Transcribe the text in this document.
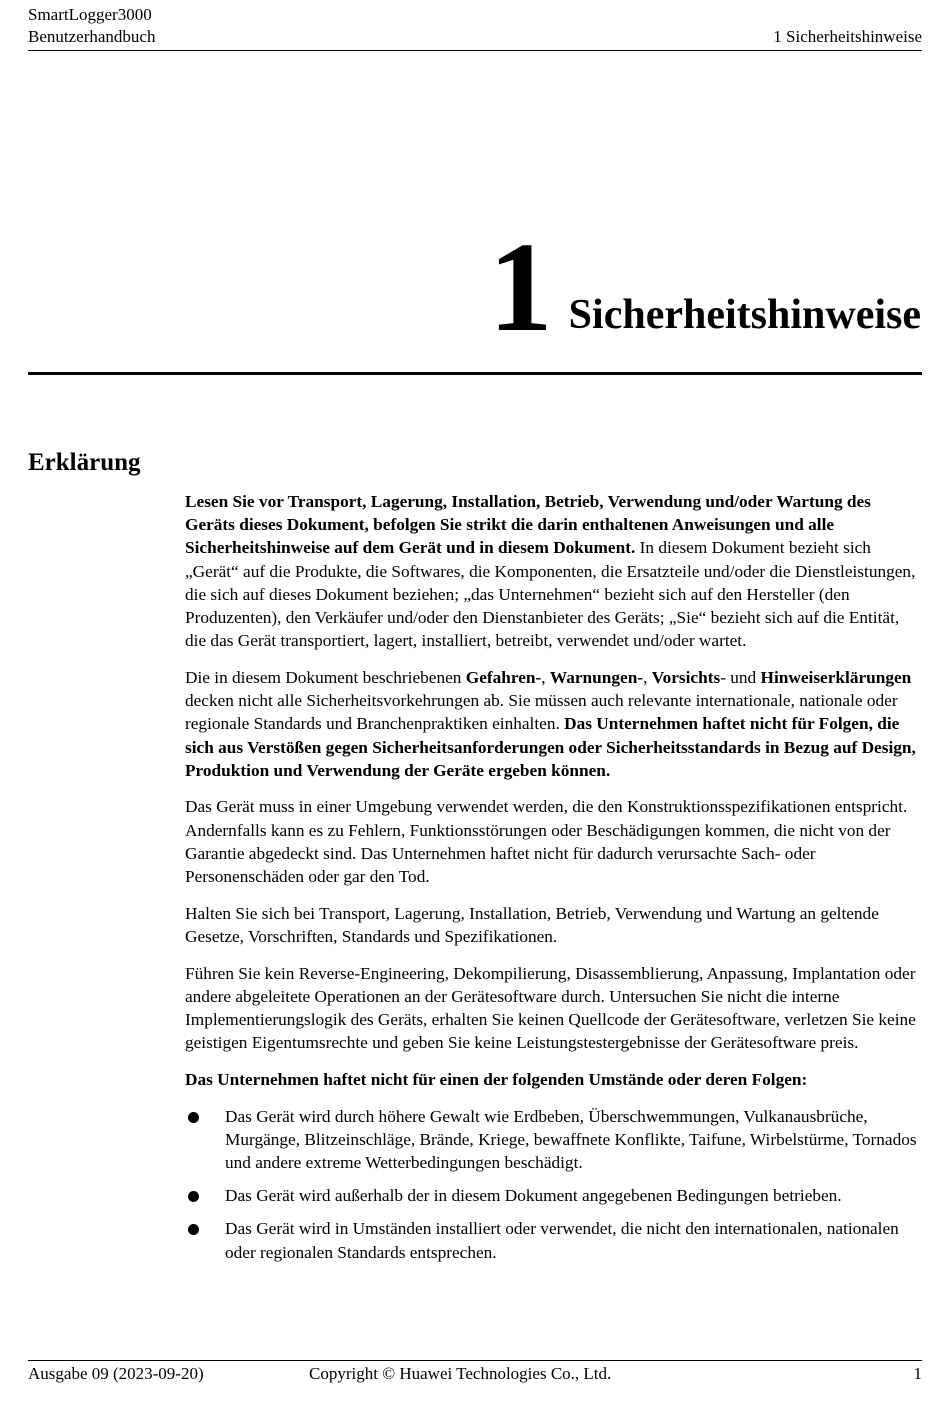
SmartLogger3000
Benutzerhandbuch	1 Sicherheitshinweise
1 Sicherheitshinweise
Erklärung

Lesen Sie vor Transport, Lagerung, Installation, Betrieb, Verwendung und/oder Wartung des Geräts dieses Dokument, befolgen Sie strikt die darin enthaltenen Anweisungen und alle Sicherheitshinweise auf dem Gerät und in diesem Dokument. In diesem Dokument bezieht sich „Gerät“ auf die Produkte, die Softwares, die Komponenten, die Ersatzteile und/oder die Dienstleistungen, die sich auf dieses Dokument beziehen; „das Unternehmen“ bezieht sich auf den Hersteller (den Produzenten), den Verkäufer und/oder den Dienstanbieter des Geräts; „Sie“ bezieht sich auf die Entität, die das Gerät transportiert, lagert, installiert, betreibt, verwendet und/oder wartet.

Die in diesem Dokument beschriebenen Gefahren-, Warnungen-, Vorsichts- und Hinweiserklärungen decken nicht alle Sicherheitsvorkehrungen ab. Sie müssen auch relevante internationale, nationale oder regionale Standards und Branchenpraktiken einhalten. Das Unternehmen haftet nicht für Folgen, die sich aus Verstößen gegen Sicherheitsanforderungen oder Sicherheitsstandards in Bezug auf Design, Produktion und Verwendung der Geräte ergeben können.

Das Gerät muss in einer Umgebung verwendet werden, die den Konstruktionsspezifikationen entspricht. Andernfalls kann es zu Fehlern, Funktionsstörungen oder Beschädigungen kommen, die nicht von der Garantie abgedeckt sind. Das Unternehmen haftet nicht für dadurch verursachte Sach- oder Personenschäden oder gar den Tod.

Halten Sie sich bei Transport, Lagerung, Installation, Betrieb, Verwendung und Wartung an geltende Gesetze, Vorschriften, Standards und Spezifikationen.

Führen Sie kein Reverse-Engineering, Dekompilierung, Disassemblierung, Anpassung, Implantation oder andere abgeleitete Operationen an der Gerätesoftware durch. Untersuchen Sie nicht die interne Implementierungslogik des Geräts, erhalten Sie keinen Quellcode der Gerätesoftware, verletzen Sie keine geistigen Eigentumsrechte und geben Sie keine Leistungstestergebnisse der Gerätesoftware preis.

Das Unternehmen haftet nicht für einen der folgenden Umstände oder deren Folgen:

Das Gerät wird durch höhere Gewalt wie Erdbeben, Überschwemmungen, Vulkanausbrüche, Murgänge, Blitzeinschläge, Brände, Kriege, bewaffnete Konflikte, Taifune, Wirbelstürme, Tornados und andere extreme Wetterbedingungen beschädigt.
Das Gerät wird außerhalb der in diesem Dokument angegebenen Bedingungen betrieben.
Das Gerät wird in Umständen installiert oder verwendet, die nicht den internationalen, nationalen oder regionalen Standards entsprechen.
Ausgabe 09 (2023-09-20)	Copyright © Huawei Technologies Co., Ltd.	1
